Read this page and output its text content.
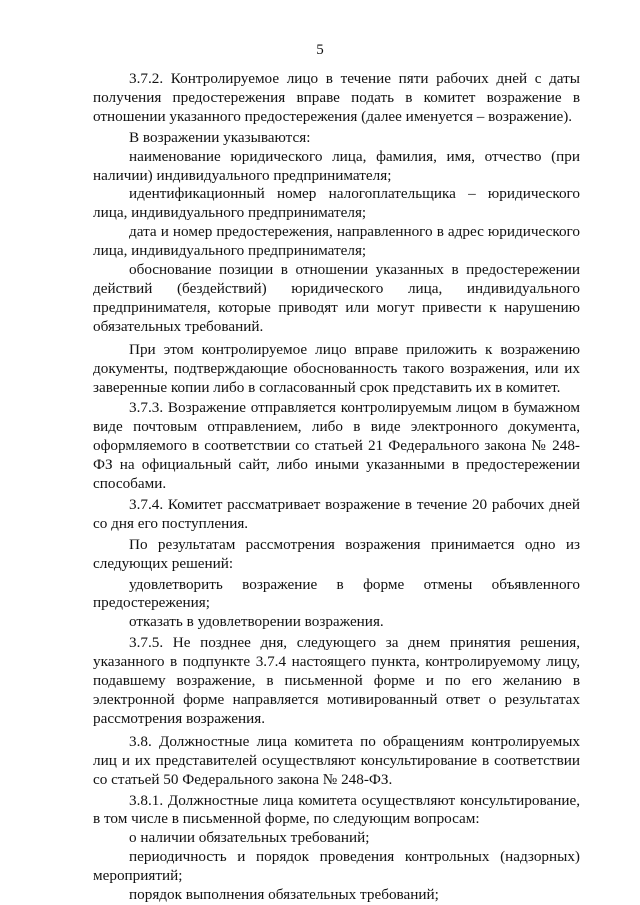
5

3.7.2. Контролируемое лицо в течение пяти рабочих дней с даты получения предостережения вправе подать в комитет возражение в отношении указанного предостережения (далее именуется – возражение).

В возражении указываются:

наименование юридического лица, фамилия, имя, отчество (при наличии) индивидуального предпринимателя;

идентификационный номер налогоплательщика – юридического лица, индивидуального предпринимателя;

дата и номер предостережения, направленного в адрес юридического лица, индивидуального предпринимателя;

обоснование позиции в отношении указанных в предостережении действий (бездействий) юридического лица, индивидуального предпринимателя, которые приводят или могут привести к нарушению обязательных требований.

При этом контролируемое лицо вправе приложить к возражению документы, подтверждающие обоснованность такого возражения, или их заверенные копии либо в согласованный срок представить их в комитет.

3.7.3. Возражение отправляется контролируемым лицом в бумажном виде почтовым отправлением, либо в виде электронного документа, оформляемого в соответствии со статьей 21 Федерального закона № 248-ФЗ на официальный сайт, либо иными указанными в предостережении способами.

3.7.4. Комитет рассматривает возражение в течение 20 рабочих дней со дня его поступления.

По результатам рассмотрения возражения принимается одно из следующих решений:

удовлетворить возражение в форме отмены объявленного предостережения;

отказать в удовлетворении возражения.

3.7.5. Не позднее дня, следующего за днем принятия решения, указанного в подпункте 3.7.4 настоящего пункта, контролируемому лицу, подавшему возражение, в письменной форме и по его желанию в электронной форме направляется мотивированный ответ о результатах рассмотрения возражения.

3.8. Должностные лица комитета по обращениям контролируемых лиц и их представителей осуществляют консультирование в соответствии со статьей 50 Федерального закона № 248-ФЗ.

3.8.1. Должностные лица комитета осуществляют консультирование, в том числе в письменной форме, по следующим вопросам:

о наличии обязательных требований;

периодичность и порядок проведения контрольных (надзорных) мероприятий;

порядок выполнения обязательных требований;
